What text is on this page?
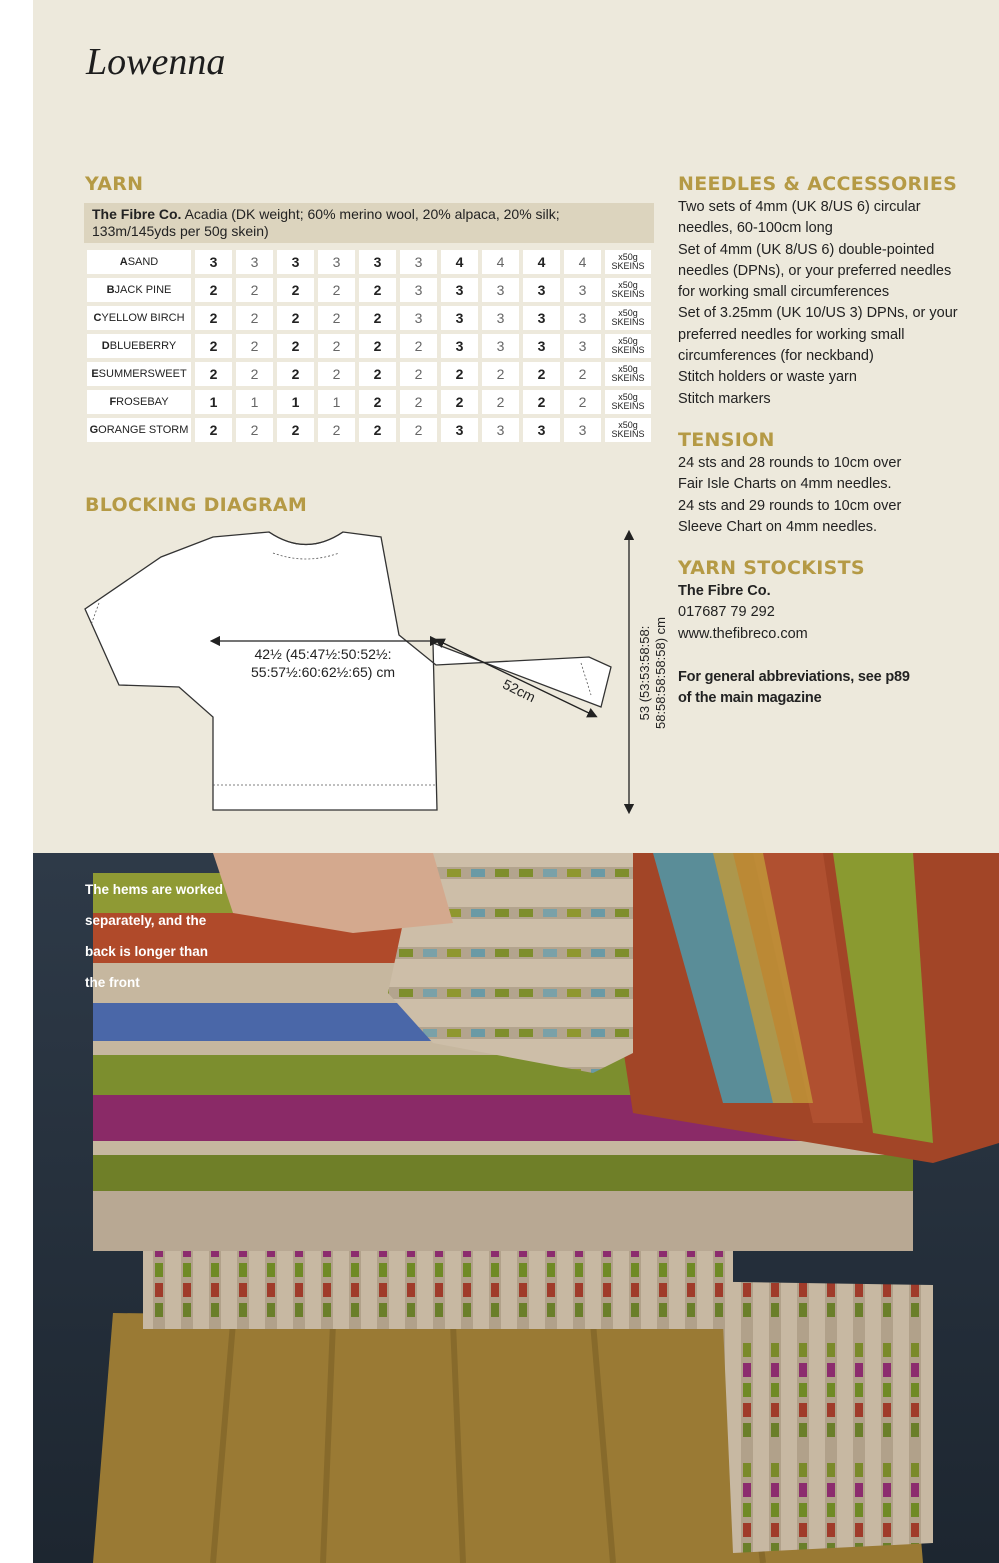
Lowenna
YARN
The Fibre Co. Acadia (DK weight; 60% merino wool, 20% alpaca, 20% silk; 133m/145yds per 50g skein)
ASAND	3	3	3	3	3	3	4	4	4	4	x50g
SKEINS

BJACK PINE	2	2	2	2	2	3	3	3	3	3	x50g
SKEINS

CYELLOW BIRCH	2	2	2	2	2	3	3	3	3	3	x50g
SKEINS

DBLUEBERRY	2	2	2	2	2	2	3	3	3	3	x50g
SKEINS

ESUMMERSWEET	2	2	2	2	2	2	2	2	2	2	x50g
SKEINS

FROSEBAY	1	1	1	1	2	2	2	2	2	2	x50g
SKEINS

GORANGE STORM	2	2	2	2	2	2	3	3	3	3	x50g
SKEINS
BLOCKING DIAGRAM
42½ (45:47½:50:52½:
55:57½:60:62½:65) cm
52cm	53 (53:53:58:58: 58:58:58:58:58) cm
NEEDLES & ACCESSORIES

Two sets of 4mm (UK 8/US 6) circular

needles, 60-100cm long

Set of 4mm (UK 8/US 6) double-pointed

needles (DPNs), or your preferred needles

for working small circumferences

Set of 3.25mm (UK 10/US 3) DPNs, or your

preferred needles for working small

circumferences (for neckband)

Stitch holders or waste yarn

Stitch markers

TENSION

24 sts and 28 rounds to 10cm over

Fair Isle Charts on 4mm needles.

24 sts and 29 rounds to 10cm over

Sleeve Chart on 4mm needles.

YARN STOCKISTS

The Fibre Co.

017687 79 292

www.thefibreco.com

For general abbreviations, see p89

of the main magazine

The hems are worked

separately, and the

back is longer than

the front
